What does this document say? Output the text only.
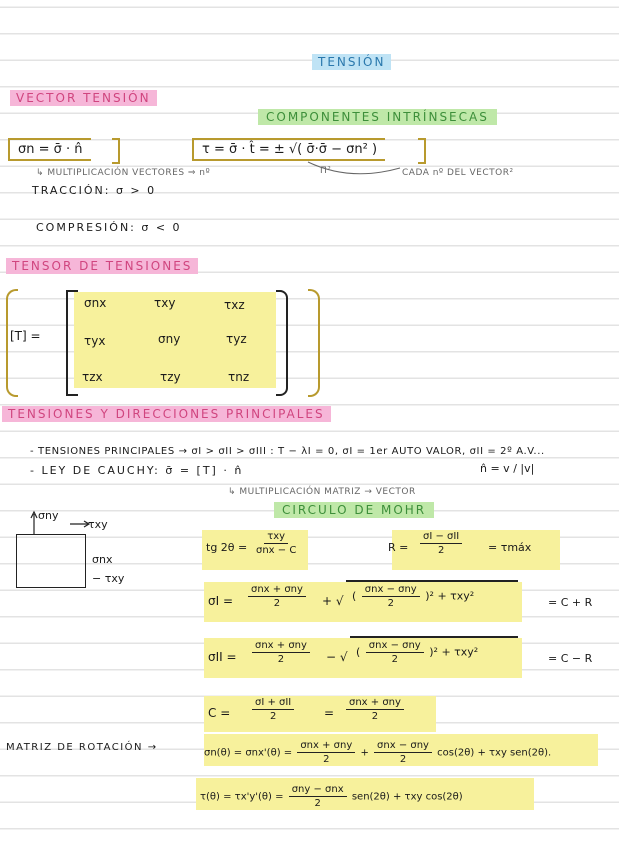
TENSIÓN
VECTOR TENSIÓN
COMPONENTES INTRÍNSECAS
σn = σ̄ · n̂	τ = σ̄ · t̂ = ± √( σ̄·σ̄ − σn² )
↳ MULTIPLICACIÓN VECTORES ⇒ nº	Π²	CADA nº DEL VECTOR²
TRACCIÓN: σ > 0
COMPRESIÓN: σ < 0
TENSOR DE TENSIONES
[T] =
σnx	τxy	τxz
τyx	σny	τyz
τzx	τzy	τnz
TENSIONES Y DIRECCIONES PRINCIPALES
- TENSIONES PRINCIPALES → σI > σII > σIII : T − λI = 0, σI = 1er AUTO VALOR, σII = 2º A.V...
- LEY DE CAUCHY: σ̄ = [T] · n̂	n̂ = v / |v|
↳ MULTIPLICACIÓN MATRIZ → VECTOR
CIRCULO DE MOHR
σny
τxy
σnx
− τxy
tg $2\theta = \frac{\text{τxy}}{\text{σnx − C}}$	$R = \frac{\text{σI − σII}}{2}$ = τmáx
$\sigma I = \frac{\text{σnx + σny}}{2}$ + √ ( $\frac{\text{σnx − σny}}{2} )^2 + \tau xy^2$	= C + R
$\sigma II = \frac{\text{σnx + σny}}{2}$ − √ ( $\frac{\text{σnx − σny}}{2} )^2 + \tau xy^2$	= C − R
$C = \frac{\text{σI + σII}}{2} = \frac{\text{σnx + σny}}{2}$
MATRIZ DE ROTACIÓN →	$\sigma n(\theta) = \sigma nx'(\theta) = \frac{\text{σnx + σny}}{2} + \frac{\text{σnx − σny}}{2} \cos(2\theta) + \tau xy$ sen(2θ).
$\tau(\theta) = \tau x'y'(\theta) = \frac{\text{σny − σnx}}{2} sen(2\theta) + \tau xy$ cos(2θ)
